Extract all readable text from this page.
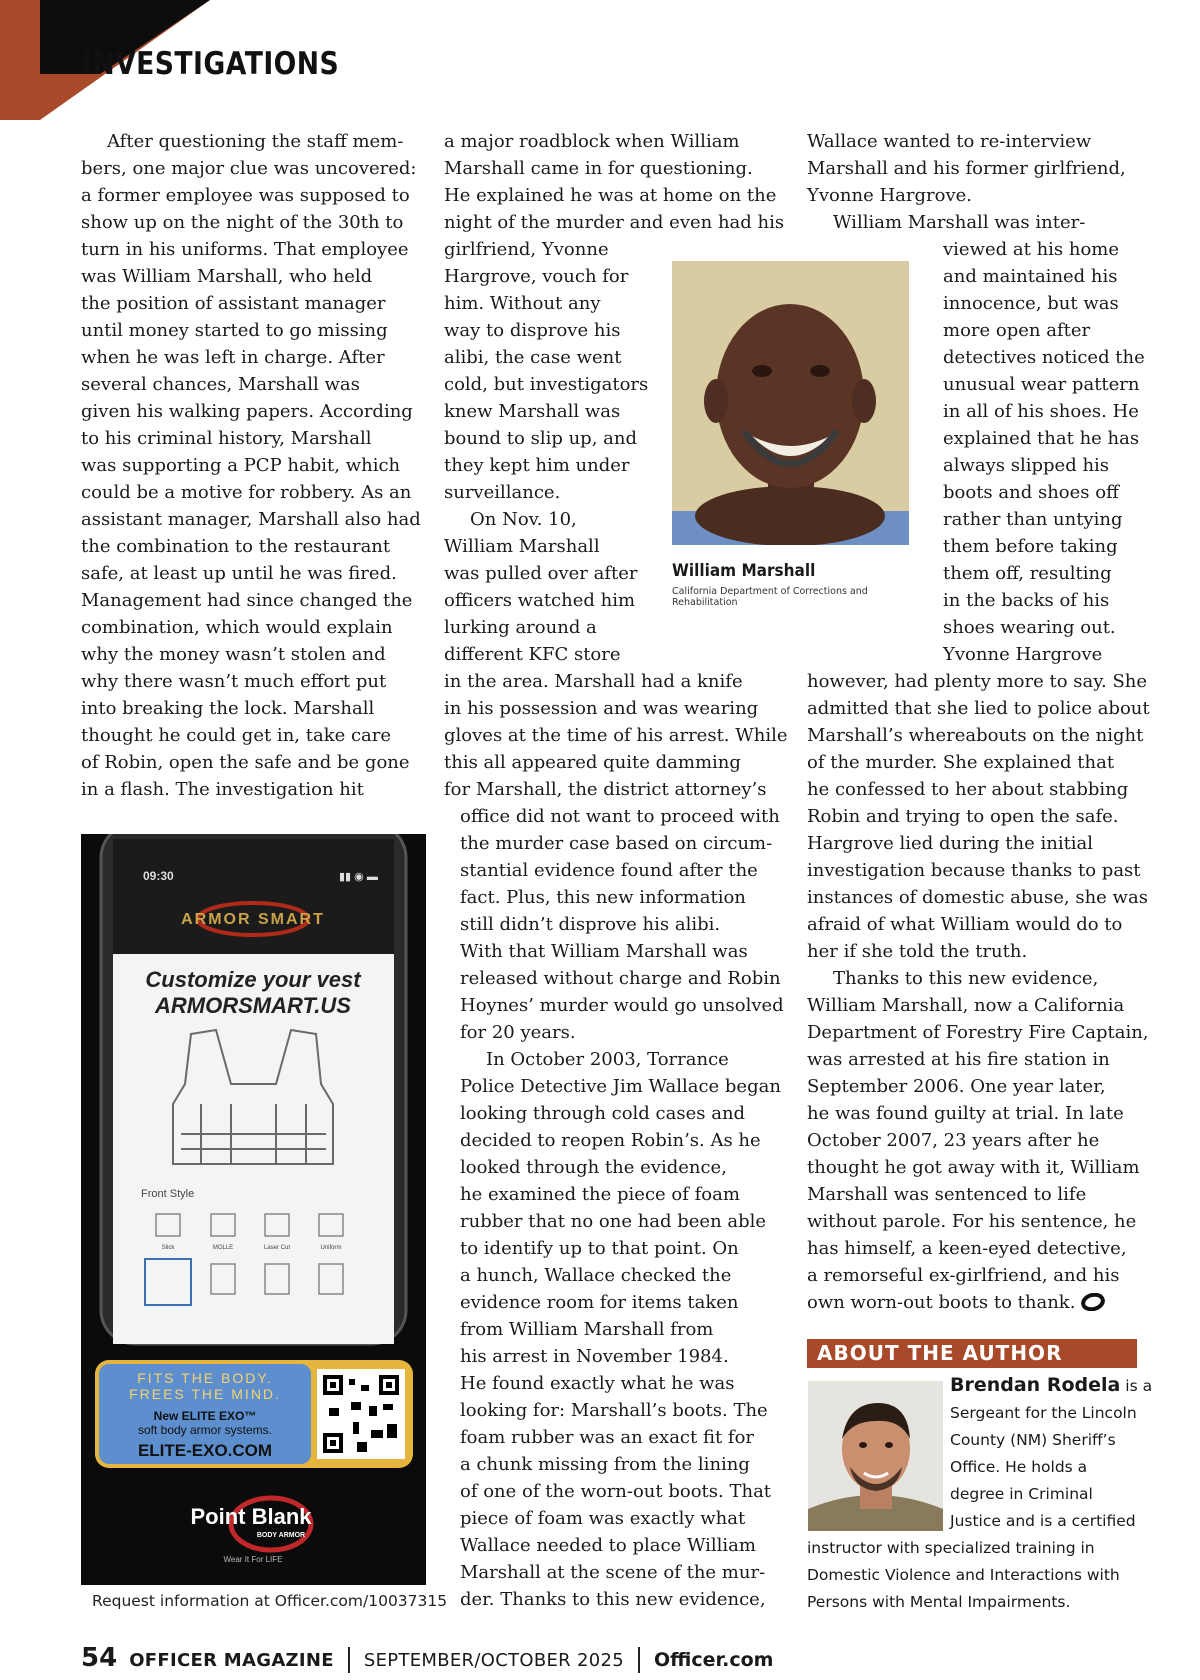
INVESTIGATIONS
After questioning the staff mem-
bers, one major clue was uncovered:
a former employee was supposed to
show up on the night of the 30th to
turn in his uniforms. That employee
was William Marshall, who held
the position of assistant manager
until money started to go missing
when he was left in charge. After
several chances, Marshall was
given his walking papers. According
to his criminal history, Marshall
was supporting a PCP habit, which
could be a motive for robbery. As an
assistant manager, Marshall also had
the combination to the restaurant
safe, at least up until he was fired.
Management had since changed the
combination, which would explain
why the money wasn’t stolen and
why there wasn’t much effort put
into breaking the lock. Marshall
thought he could get in, take care
of Robin, open the safe and be gone
in a flash. The investigation hit
a major roadblock when William
Marshall came in for questioning.
He explained he was at home on the
night of the murder and even had his
girlfriend, Yvonne
Hargrove, vouch for
him. Without any
way to disprove his
alibi, the case went
cold, but investigators
knew Marshall was
bound to slip up, and
they kept him under
surveillance.
On Nov. 10,
William Marshall
was pulled over after
officers watched him
lurking around a
different KFC store
in the area. Marshall had a knife
in his possession and was wearing
gloves at the time of his arrest. While
this all appeared quite damming
for Marshall, the district attorney’s
office did not want to proceed with
the murder case based on circum-
stantial evidence found after the
fact. Plus, this new information
still didn’t disprove his alibi.
With that William Marshall was
released without charge and Robin
Hoynes’ murder would go unsolved
for 20 years.
In October 2003, Torrance
Police Detective Jim Wallace began
looking through cold cases and
decided to reopen Robin’s. As he
looked through the evidence,
he examined the piece of foam
rubber that no one had been able
to identify up to that point. On
a hunch, Wallace checked the
evidence room for items taken
from William Marshall from
his arrest in November 1984.
He found exactly what he was
looking for: Marshall’s boots. The
foam rubber was an exact fit for
a chunk missing from the lining
of one of the worn-out boots. That
piece of foam was exactly what
Wallace needed to place William
Marshall at the scene of the mur-
der. Thanks to this new evidence,
Wallace wanted to re-interview
Marshall and his former girlfriend,
Yvonne Hargrove.
William Marshall was inter-
viewed at his home
and maintained his
innocence, but was
more open after
detectives noticed the
unusual wear pattern
in all of his shoes. He
explained that he has
always slipped his
boots and shoes off
rather than untying
them before taking
them off, resulting
in the backs of his
shoes wearing out.
Yvonne Hargrove
however, had plenty more to say. She
admitted that she lied to police about
Marshall’s whereabouts on the night
of the murder. She explained that
he confessed to her about stabbing
Robin and trying to open the safe.
Hargrove lied during the initial
investigation because thanks to past
instances of domestic abuse, she was
afraid of what William would do to
her if she told the truth.
Thanks to this new evidence,
William Marshall, now a California
Department of Forestry Fire Captain,
was arrested at his fire station in
September 2006. One year later,
he was found guilty at trial. In late
October 2007, 23 years after he
thought he got away with it, William
Marshall was sentenced to life
without parole. For his sentence, he
has himself, a keen-eyed detective,
a remorseful ex-girlfriend, and his
own worn-out boots to thank.
William Marshall
California Department of Corrections and Rehabilitation
09:30	▮▮ ◉ ▬
ARMOR SMART
Customize your vest
ARMORSMART.US
Front Style
Slick	MOLLE	Laser Cut	Uniform
FITS THE BODY.
FREES THE MIND.
New ELITE EXO™
soft body armor systems.
ELITE-EXO.COM
Point Blank
BODY ARMOR
Wear It For LIFE
Request information at Officer.com/10037315
ABOUT THE AUTHOR
Brendan Rodela is a
Sergeant for the Lincoln
County (NM) Sheriff’s
Office. He holds a
degree in Criminal
Justice and is a certified
instructor with specialized training in
Domestic Violence and Interactions with
Persons with Mental Impairments.
54 OFFICER MAGAZINE SEPTEMBER/OCTOBER 2025 Officer.com
